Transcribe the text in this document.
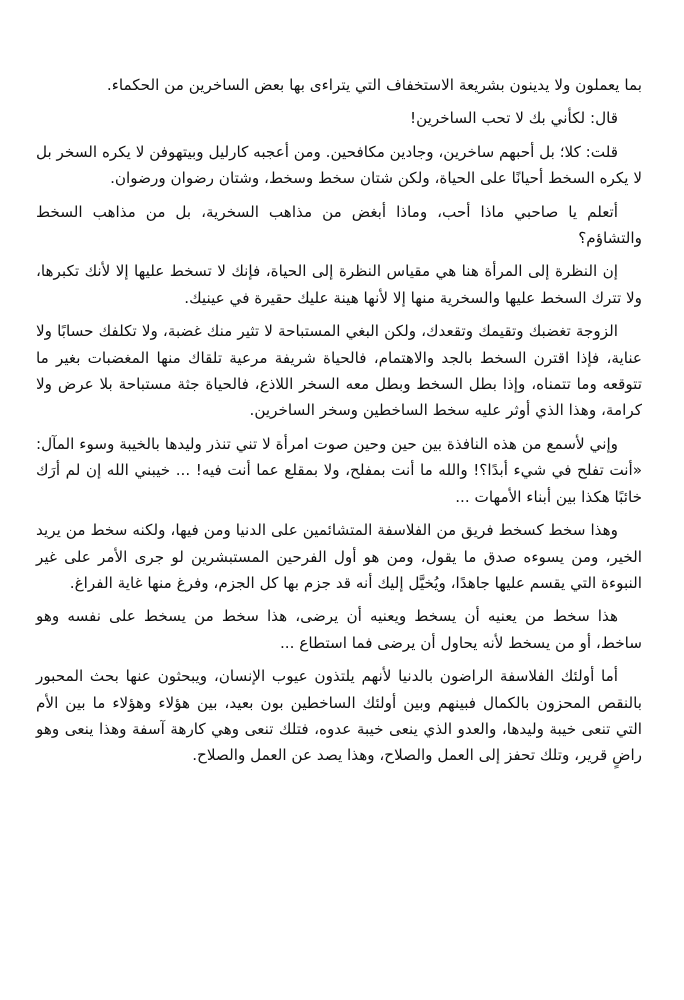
بما يعملون ولا يدينون بشريعة الاستخفاف التي يتراءى بها بعض الساخرين من الحكماء.

قال: لكأني بك لا تحب الساخرين!

قلت: كلا؛ بل أحبهم ساخرين، وجادين مكافحين. ومن أعجبه كارليل وبيتهوفن لا يكره السخر بل لا يكره السخط أحيانًا على الحياة، ولكن شتان سخط وسخط، وشتان رضوان ورضوان.

أتعلم يا صاحبي ماذا أحب، وماذا أبغض من مذاهب السخرية، بل من مذاهب السخط والتشاؤم؟

إن النظرة إلى المرأة هنا هي مقياس النظرة إلى الحياة، فإنك لا تسخط عليها إلا لأنك تكبرها، ولا تترك السخط عليها والسخرية منها إلا لأنها هينة عليك حقيرة في عينيك.

الزوجة تغضبك وتقيمك وتقعدك، ولكن البغي المستباحة لا تثير منك غضبة، ولا تكلفك حسابًا ولا عناية، فإذا اقترن السخط بالجد والاهتمام، فالحياة شريفة مرعية تلقاك منها المغضبات بغير ما تتوقعه وما تتمناه، وإذا بطل السخط وبطل معه السخر اللاذع، فالحياة جثة مستباحة بلا عرض ولا كرامة، وهذا الذي أوثر عليه سخط الساخطين وسخر الساخرين.

وإني لأسمع من هذه النافذة بين حين وحين صوت امرأة لا تني تنذر وليدها بالخيبة وسوء المآل: «أنت تفلح في شيء أبدًا؟! والله ما أنت بمفلح، ولا بمقلع عما أنت فيه! ... خيبني الله إن لم أرَك خائبًا هكذا بين أبناء الأمهات ...

وهذا سخط كسخط فريق من الفلاسفة المتشائمين على الدنيا ومن فيها، ولكنه سخط من يريد الخير، ومن يسوءه صدق ما يقول، ومن هو أول الفرحين المستبشرين لو جرى الأمر على غير النبوءة التي يقسم عليها جاهدًا، ويُخيَّل إليك أنه قد جزم بها كل الجزم، وفرغ منها غاية الفراغ.

هذا سخط من يعنيه أن يسخط ويعنيه أن يرضى، هذا سخط من يسخط على نفسه وهو ساخط، أو من يسخط لأنه يحاول أن يرضى فما استطاع ...

أما أولئك الفلاسفة الراضون بالدنيا لأنهم يلتذون عيوب الإنسان، ويبحثون عنها بحث المحبور بالنقص المحزون بالكمال فبينهم وبين أولئك الساخطين بون بعيد، بين هؤلاء وهؤلاء ما بين الأم التي تنعى خيبة وليدها، والعدو الذي ينعى خيبة عدوه، فتلك تنعى وهي كارهة آسفة وهذا ينعى وهو راضٍ قرير، وتلك تحفز إلى العمل والصلاح، وهذا يصد عن العمل والصلاح.
